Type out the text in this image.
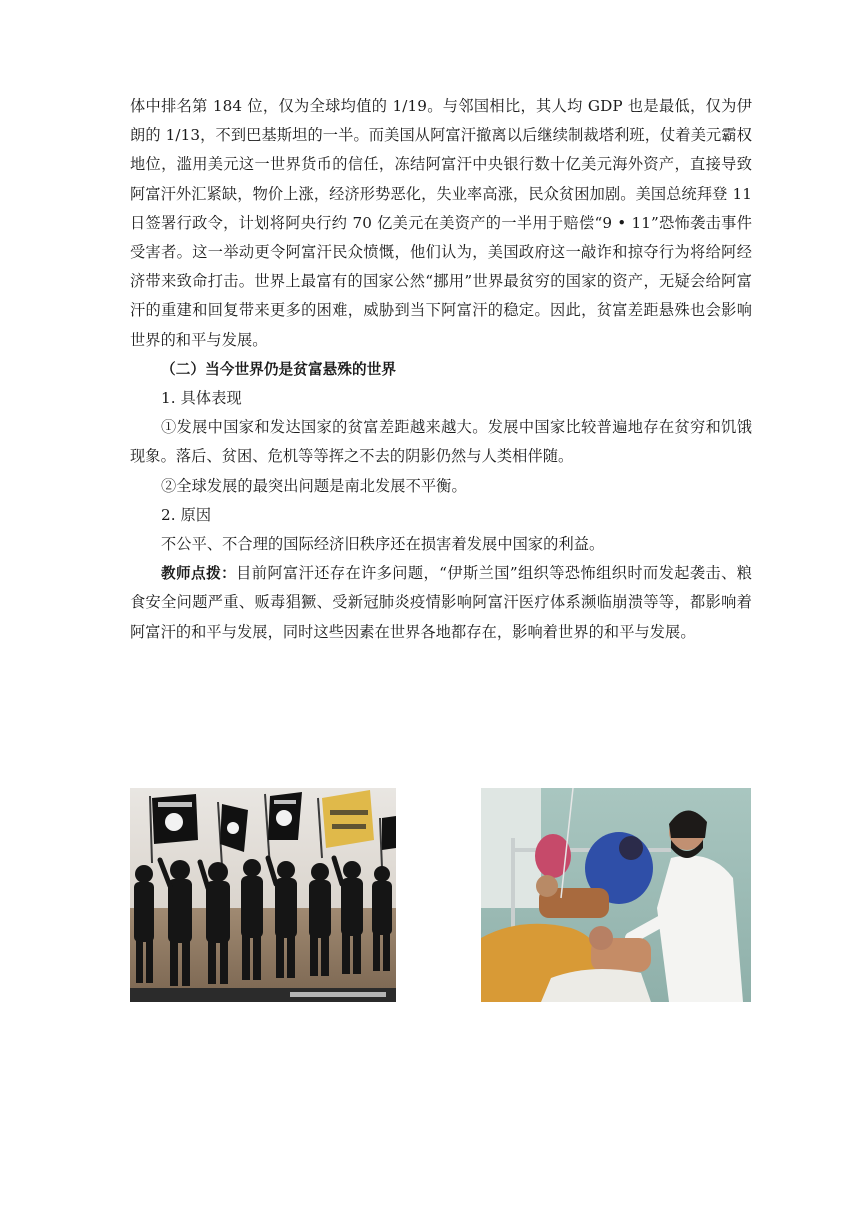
体中排名第 184 位，仅为全球均值的 1/19。与邻国相比，其人均 GDP 也是最低，仅为伊朗的 1/13，不到巴基斯坦的一半。而美国从阿富汗撤离以后继续制裁塔利班，仗着美元霸权地位，滥用美元这一世界货币的信任，冻结阿富汗中央银行数十亿美元海外资产，直接导致阿富汗外汇紧缺，物价上涨，经济形势恶化，失业率高涨，民众贫困加剧。美国总统拜登 11 日签署行政令，计划将阿央行约 70 亿美元在美资产的一半用于赔偿“9 • 11”恐怖袭击事件受害者。这一举动更令阿富汗民众愤慨，他们认为，美国政府这一敲诈和掠夺行为将给阿经济带来致命打击。世界上最富有的国家公然“挪用”世界最贫穷的国家的资产，无疑会给阿富汗的重建和回复带来更多的困难，威胁到当下阿富汗的稳定。因此，贫富差距悬殊也会影响世界的和平与发展。

（二）当今世界仍是贫富悬殊的世界

1. 具体表现

①发展中国家和发达国家的贫富差距越来越大。发展中国家比较普遍地存在贫穷和饥饿现象。落后、贫困、危机等等挥之不去的阴影仍然与人类相伴随。

②全球发展的最突出问题是南北发展不平衡。

2. 原因

不公平、不合理的国际经济旧秩序还在损害着发展中国家的利益。

教师点拨：目前阿富汗还存在许多问题，“伊斯兰国”组织等恐怖组织时而发起袭击、粮食安全问题严重、贩毒猖獗、受新冠肺炎疫情影响阿富汗医疗体系濒临崩溃等等，都影响着阿富汗的和平与发展，同时这些因素在世界各地都存在，影响着世界的和平与发展。
